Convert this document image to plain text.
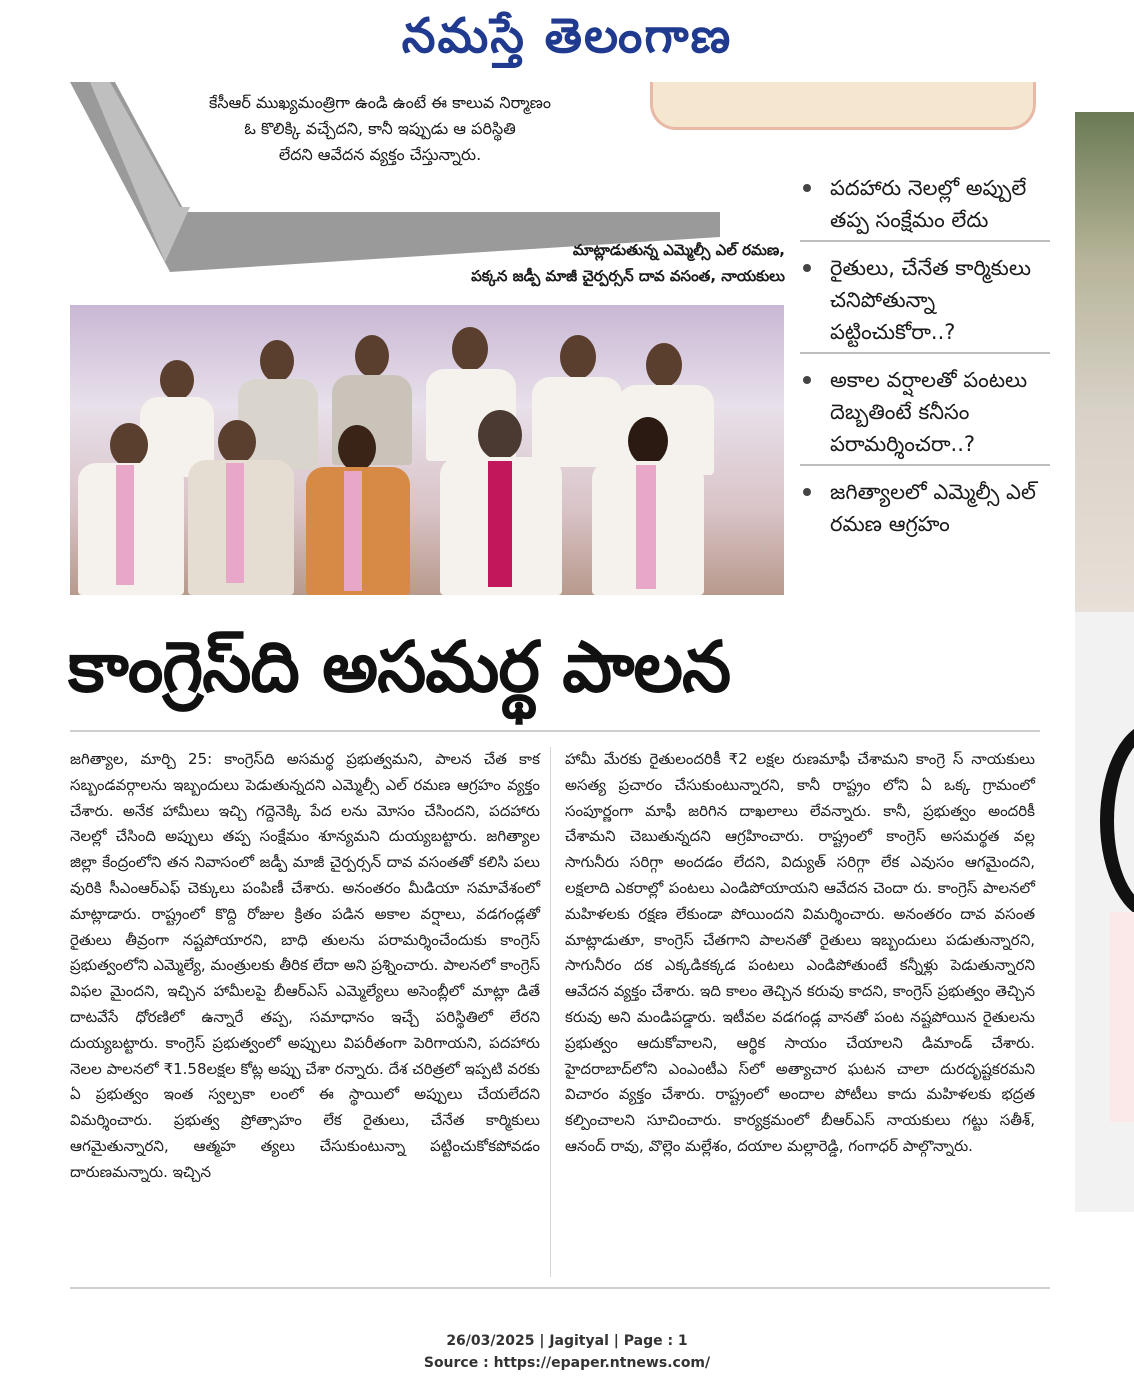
నమస్తే తెలంగాణ
కేసీఆర్ ముఖ్యమంత్రిగా ఉండి ఉంటే ఈ కాలువ నిర్మాణం
ఓ కొలిక్కి వచ్చేదని, కానీ ఇప్పుడు ఆ పరిస్థితి
లేదని ఆవేదన వ్యక్తం చేస్తున్నారు.
మాట్లాడుతున్న ఎమ్మెల్సీ ఎల్ రమణ,
పక్కన జడ్పీ మాజీ చైర్పర్సన్ దావ వసంత, నాయకులు
పదహారు నెలల్లో అప్పులే తప్ప సంక్షేమం లేదు
రైతులు, చేనేత కార్మికులు చనిపోతున్నా పట్టించుకోరా..?
అకాల వర్షాలతో పంటలు దెబ్బతింటే కనీసం పరామర్శించరా..?
జగిత్యాలలో ఎమ్మెల్సీ ఎల్ రమణ ఆగ్రహం
కాంగ్రెస్‌ది అసమర్థ పాలన
జగిత్యాల, మార్చి 25: కాంగ్రెస్‌ది అసమర్థ ప్రభుత్వమని, పాలన చేత కాక సబ్బండవర్గాలను ఇబ్బందులు పెడుతున్నదని ఎమ్మెల్సీ ఎల్ రమణ ఆగ్రహం వ్యక్తం చేశారు. అనేక హామీలు ఇచ్చి గద్దెనెక్కి పేద లను మోసం చేసిందని, పదహారు నెలల్లో చేసింది అప్పులు తప్ప సంక్షేమం శూన్యమని దుయ్యబట్టారు. జగిత్యాల జిల్లా కేంద్రంలోని తన నివాసంలో జడ్పీ మాజీ చైర్పర్సన్ దావ వసంతతో కలిసి పలు వురికి సీఎంఆర్‌ఎఫ్ చెక్కులు పంపిణీ చేశారు. అనంతరం మీడియా సమావేశంలో మాట్లాడారు. రాష్ట్రంలో కొద్ది రోజుల క్రితం పడిన అకాల వర్షాలు, వడగండ్లతో రైతులు తీవ్రంగా నష్టపోయారని, బాధి తులను పరామర్శించేందుకు కాంగ్రెస్ ప్రభుత్వంలోని ఎమ్మెల్యే, మంత్రులకు తీరిక లేదా అని ప్రశ్నించారు. పాలనలో కాంగ్రెస్ విఫల మైందని, ఇచ్చిన హామీలపై బీఆర్‌ఎస్ ఎమ్మెల్యేలు అసెంబ్లీలో మాట్లా డితే దాటవేసే ధోరణిలో ఉన్నారే తప్ప, సమాధానం ఇచ్చే పరిస్థితిలో లేరని దుయ్యబట్టారు. కాంగ్రెస్ ప్రభుత్వంలో అప్పులు విపరీతంగా పెరిగాయని, పదహారు నెలల పాలనలో ₹1.58లక్షల కోట్ల అప్పు చేశా రన్నారు. దేశ చరిత్రలో ఇప్పటి వరకు ఏ ప్రభుత్వం ఇంత స్వల్పకా లంలో ఈ స్థాయిలో అప్పులు చేయలేదని విమర్శించారు. ప్రభుత్వ ప్రోత్సాహం లేక రైతులు, చేనేత కార్మికులు ఆగమైతున్నారని, ఆత్మహ త్యలు చేసుకుంటున్నా పట్టించుకోకపోవడం దారుణమన్నారు. ఇచ్చిన
హామీ మేరకు రైతులందరికీ ₹2 లక్షల రుణమాఫీ చేశామని కాంగ్రె స్ నాయకులు అసత్య ప్రచారం చేసుకుంటున్నారని, కానీ రాష్ట్రం లోని ఏ ఒక్క గ్రామంలో సంపూర్ణంగా మాఫీ జరిగిన దాఖలాలు లేవన్నారు. కానీ, ప్రభుత్వం అందరికీ చేశామని చెబుతున్నదని ఆగ్రహించారు. రాష్ట్రంలో కాంగ్రెస్ అసమర్థత వల్ల సాగునీరు సరిగ్గా అందడం లేదని, విద్యుత్ సరిగ్గా లేక ఎవుసం ఆగమైందని, లక్షలాది ఎకరాల్లో పంటలు ఎండిపోయాయని ఆవేదన చెందా రు. కాంగ్రెస్ పాలనలో మహిళలకు రక్షణ లేకుండా పోయిందని విమర్శించారు. అనంతరం దావ వసంత మాట్లాడుతూ, కాంగ్రెస్ చేతగాని పాలనతో రైతులు ఇబ్బందులు పడుతున్నారని, సాగునీరం దక ఎక్కడికక్కడ పంటలు ఎండిపోతుంటే కన్నీళ్లు పెడుతున్నారని ఆవేదన వ్యక్తం చేశారు. ఇది కాలం తెచ్చిన కరువు కాదని, కాంగ్రెస్ ప్రభుత్వం తెచ్చిన కరువు అని మండిపడ్డారు. ఇటీవల వడగండ్ల వానతో పంట నష్టపోయిన రైతులను ప్రభుత్వం ఆదుకోవాలని, ఆర్థిక సాయం చేయాలని డిమాండ్ చేశారు. హైదరాబాద్‌లోని ఎంఎంటీఎ స్‌లో అత్యాచార ఘటన చాలా దురదృష్టకరమని విచారం వ్యక్తం చేశారు. రాష్ట్రంలో అందాల పోటీలు కాదు మహిళలకు భద్రత కల్పించాలని సూచించారు. కార్యక్రమంలో బీఆర్‌ఎస్ నాయకులు గట్టు సతీశ్, ఆనంద్ రావు, వొల్లెం మల్లేశం, దయాల మల్లారెడ్డి, గంగాధర్ పాల్గొన్నారు.
26/03/2025 | Jagityal | Page : 1
Source : https://epaper.ntnews.com/
